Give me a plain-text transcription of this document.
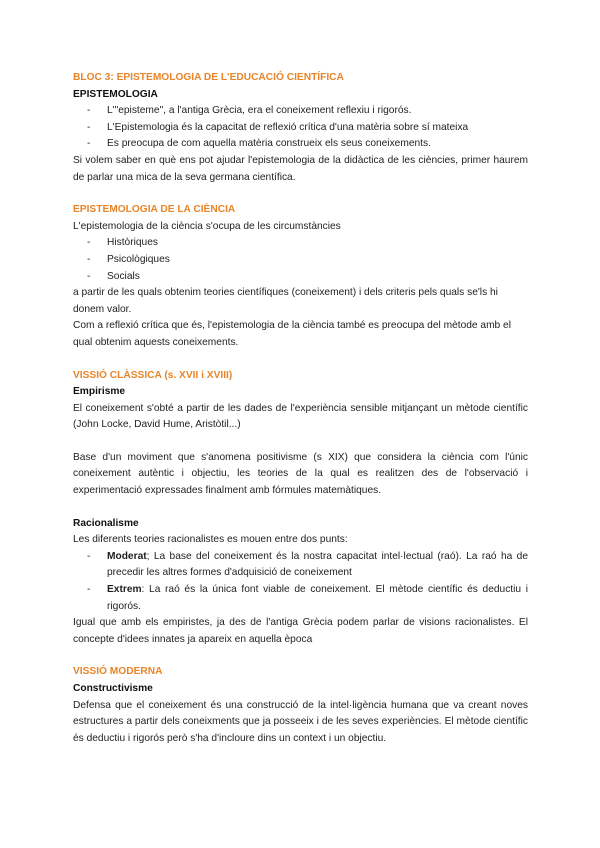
BLOC 3: EPISTEMOLOGIA DE L'EDUCACIÓ CIENTÍFICA
EPISTEMOLOGIA
- L'"episteme", a l'antiga Grècia, era el coneixement reflexiu i rigorós.
- L'Epistemologia és la capacitat de reflexió crítica d'una matèria sobre sí mateixa
- Es preocupa de com aquella matèria construeix els seus coneixements.

Si volem saber en què ens pot ajudar l'epistemologia de la didàctica de les ciències, primer haurem de parlar una mica de la seva germana científica.

EPISTEMOLOGIA DE LA CIÈNCIA

L'epistemologia de la ciència s'ocupa de les circumstàncies

- Històriques
- Psicològiques
- Socials

a partir de les quals obtenim teories científiques (coneixement) i dels criteris pels quals se'ls hi donem valor.

Com a reflexió crítica que és, l'epistemologia de la ciència també es preocupa del mètode amb el qual obtenim aquests coneixements.

VISSIÓ CLÀSSICA (s. XVII i XVIII)
Empirisme

El coneixement s'obté a partir de les dades de l'experiència sensible mitjançant un mètode científic (John Locke, David Hume, Aristòtil...)

Base d'un moviment que s'anomena positivisme (s XIX) que considera la ciència com l'únic coneixement autèntic i objectiu, les teories de la qual es realitzen des de l'observació i experimentació expressades finalment amb fórmules matemàtiques.

Racionalisme

Les diferents teories racionalistes es mouen entre dos punts:

- Moderat; La base del coneixement és la nostra capacitat intel·lectual (raó). La raó ha de precedir les altres formes d'adquisició de coneixement
- Extrem: La raó és la única font viable de coneixement. El mètode científic és deductiu i rigorós.

Igual que amb els empiristes, ja des de l'antiga Grècia podem parlar de visions racionalistes. El concepte d'idees innates ja apareix en aquella època

VISSIÓ MODERNA
Constructivisme

Defensa que el coneixement és una construcció de la intel·ligència humana que va creant noves estructures a partir dels coneixments que ja posseeix i de les seves experiències. El mètode científic és deductiu i rigorós però s'ha d'incloure dins un context i un objectiu.
